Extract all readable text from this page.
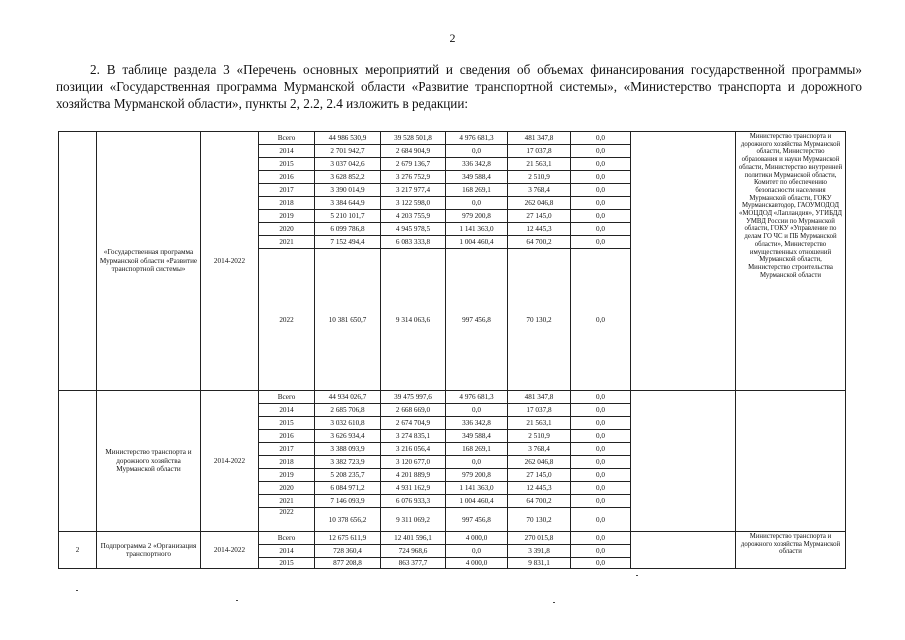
2

2. В таблице раздела 3 «Перечень основных мероприятий и сведения об объемах финансирования государственной программы» позиции «Государственная программа Мурманской области «Развитие транспортной системы», «Министерство транспорта и дорожного хозяйства Мурманской области», пункты 2, 2.2, 2.4 изложить в редакции:

	«Государственная программа Мурманской области «Развитие транспортной системы»	2014-2022	Всего	44 986 530,9	39 528 501,8	4 976 681,3	481 347,8	0,0		Министерство транспорта и дорожного хозяйства Мурманской области, Министерство образования и науки Мурманской области, Министерство внутренней политики Мурманской области, Комитет по обеспечению безопасности населения Мурманской области, ГОКУ Мурманскавтодор, ГАОУМОДОД «МОЦДОД «Лапландия», УГИБДД УМВД России по Мурманской области, ГОКУ «Управление по делам ГО ЧС и ПБ Мурманской области», Министерство имущественных отношений Мурманской области, Министерство строительства Мурманской области
			2014	2 701 942,7	2 684 904,9	0,0	17 037,8	0,0		
			2015	3 037 042,6	2 679 136,7	336 342,8	21 563,1	0,0		
			2016	3 628 852,2	3 276 752,9	349 588,4	2 510,9	0,0		
			2017	3 390 014,9	3 217 977,4	168 269,1	3 768,4	0,0		
			2018	3 384 644,9	3 122 598,0	0,0	262 046,8	0,0		
			2019	5 210 101,7	4 203 755,9	979 200,8	27 145,0	0,0		
			2020	6 099 786,8	4 945 978,5	1 141 363,0	12 445,3	0,0		
			2021	7 152 494,4	6 083 333,8	1 004 460,4	64 700,2	0,0		
			2022	10 381 650,7	9 314 063,6	997 456,8	70 130,2	0,0		
	Министерство транспорта и дорожного хозяйства Мурманской области	2014-2022	Всего	44 934 026,7	39 475 997,6	4 976 681,3	481 347,8	0,0		
			2014	2 685 706,8	2 668 669,0	0,0	17 037,8	0,0		
			2015	3 032 610,8	2 674 704,9	336 342,8	21 563,1	0,0		
			2016	3 626 934,4	3 274 835,1	349 588,4	2 510,9	0,0		
			2017	3 388 093,9	3 216 056,4	168 269,1	3 768,4	0,0		
			2018	3 382 723,9	3 120 677,0	0,0	262 046,8	0,0		
			2019	5 208 235,7	4 201 889,9	979 200,8	27 145,0	0,0		
			2020	6 084 971,2	4 931 162,9	1 141 363,0	12 445,3	0,0		
			2021	7 146 093,9	6 076 933,3	1 004 460,4	64 700,2	0,0		
			2022	10 378 656,2	9 311 069,2	997 456,8	70 130,2	0,0		
2	Подпрограмма 2 «Организация транспортного	2014-2022	Всего	12 675 611,9	12 401 596,1	4 000,0	270 015,8	0,0		Министерство транспорта и дорожного хозяйства Мурманской области
			2014	728 360,4	724 968,6	0,0	3 391,8	0,0		
			2015	877 208,8	863 377,7	4 000,0	9 831,1	0,0		
